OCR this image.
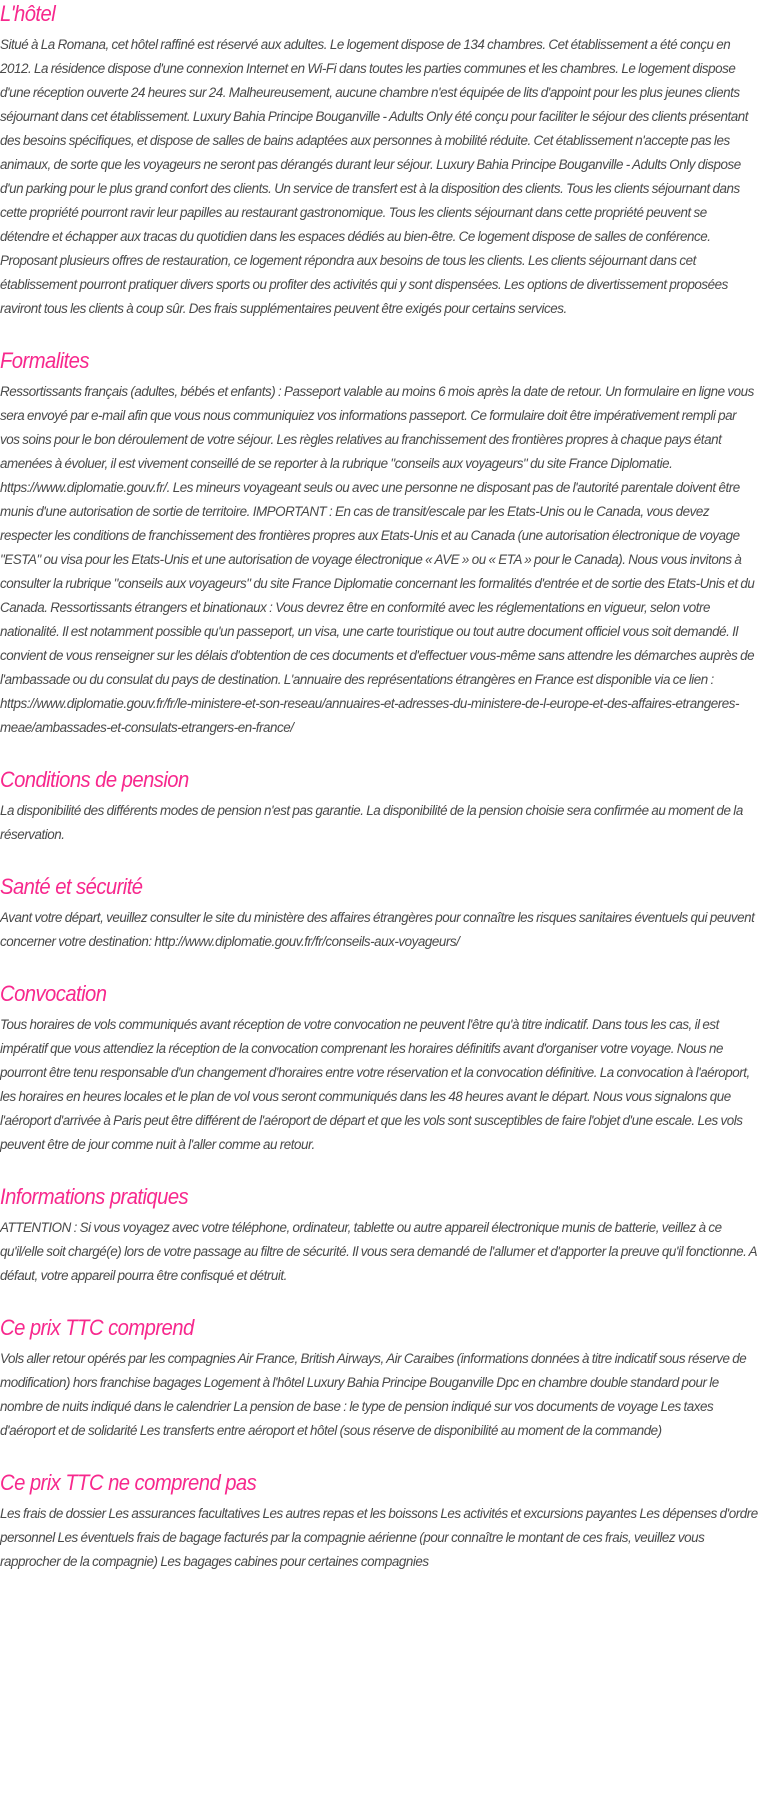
L'hôtel

Situé à La Romana, cet hôtel raffiné est réservé aux adultes. Le logement dispose de 134 chambres. Cet établissement a été conçu en 2012. La résidence dispose d'une connexion Internet en Wi-Fi dans toutes les parties communes et les chambres. Le logement dispose d'une réception ouverte 24 heures sur 24. Malheureusement, aucune chambre n'est équipée de lits d'appoint pour les plus jeunes clients séjournant dans cet établissement. Luxury Bahia Principe Bouganville - Adults Only été conçu pour faciliter le séjour des clients présentant des besoins spécifiques, et dispose de salles de bains adaptées aux personnes à mobilité réduite. Cet établissement n'accepte pas les animaux, de sorte que les voyageurs ne seront pas dérangés durant leur séjour. Luxury Bahia Principe Bouganville - Adults Only dispose d'un parking pour le plus grand confort des clients. Un service de transfert est à la disposition des clients. Tous les clients séjournant dans cette propriété pourront ravir leur papilles au restaurant gastronomique. Tous les clients séjournant dans cette propriété peuvent se détendre et échapper aux tracas du quotidien dans les espaces dédiés au bien-être. Ce logement dispose de salles de conférence. Proposant plusieurs offres de restauration, ce logement répondra aux besoins de tous les clients. Les clients séjournant dans cet établissement pourront pratiquer divers sports ou profiter des activités qui y sont dispensées. Les options de divertissement proposées raviront tous les clients à coup sûr. Des frais supplémentaires peuvent être exigés pour certains services.

Formalites

Ressortissants français (adultes, bébés et enfants) : Passeport valable au moins 6 mois après la date de retour. Un formulaire en ligne vous sera envoyé par e-mail afin que vous nous communiquiez vos informations passeport. Ce formulaire doit être impérativement rempli par vos soins pour le bon déroulement de votre séjour. Les règles relatives au franchissement des frontières propres à chaque pays étant amenées à évoluer, il est vivement conseillé de se reporter à la rubrique "conseils aux voyageurs" du site France Diplomatie. https://www.diplomatie.gouv.fr/. Les mineurs voyageant seuls ou avec une personne ne disposant pas de l'autorité parentale doivent être munis d'une autorisation de sortie de territoire. IMPORTANT : En cas de transit/escale par les Etats-Unis ou le Canada, vous devez respecter les conditions de franchissement des frontières propres aux Etats-Unis et au Canada (une autorisation électronique de voyage "ESTA" ou visa pour les Etats-Unis et une autorisation de voyage électronique « AVE » ou « ETA » pour le Canada). Nous vous invitons à consulter la rubrique "conseils aux voyageurs" du site France Diplomatie concernant les formalités d'entrée et de sortie des Etats-Unis et du Canada. Ressortissants étrangers et binationaux : Vous devrez être en conformité avec les réglementations en vigueur, selon votre nationalité. Il est notamment possible qu'un passeport, un visa, une carte touristique ou tout autre document officiel vous soit demandé. Il convient de vous renseigner sur les délais d'obtention de ces documents et d'effectuer vous-même sans attendre les démarches auprès de l'ambassade ou du consulat du pays de destination. L'annuaire des représentations étrangères en France est disponible via ce lien : https://www.diplomatie.gouv.fr/fr/le-ministere-et-son-reseau/annuaires-et-adresses-du-ministere-de-l-europe-et-des-affaires-etrangeres-meae/ambassades-et-consulats-etrangers-en-france/

Conditions de pension

La disponibilité des différents modes de pension n'est pas garantie. La disponibilité de la pension choisie sera confirmée au moment de la réservation.

Santé et sécurité

Avant votre départ, veuillez consulter le site du ministère des affaires étrangères pour connaître les risques sanitaires éventuels qui peuvent concerner votre destination: http://www.diplomatie.gouv.fr/fr/conseils-aux-voyageurs/

Convocation

Tous horaires de vols communiqués avant réception de votre convocation ne peuvent l'être qu'à titre indicatif. Dans tous les cas, il est impératif que vous attendiez la réception de la convocation comprenant les horaires définitifs avant d'organiser votre voyage. Nous ne pourront être tenu responsable d'un changement d'horaires entre votre réservation et la convocation définitive. La convocation à l'aéroport, les horaires en heures locales et le plan de vol vous seront communiqués dans les 48 heures avant le départ. Nous vous signalons que l'aéroport d'arrivée à Paris peut être différent de l'aéroport de départ et que les vols sont susceptibles de faire l'objet d'une escale. Les vols peuvent être de jour comme nuit à l'aller comme au retour.

Informations pratiques

ATTENTION : Si vous voyagez avec votre téléphone, ordinateur, tablette ou autre appareil électronique munis de batterie, veillez à ce qu'il/elle soit chargé(e) lors de votre passage au filtre de sécurité. Il vous sera demandé de l'allumer et d'apporter la preuve qu'il fonctionne. A défaut, votre appareil pourra être confisqué et détruit.

Ce prix TTC comprend

Vols aller retour opérés par les compagnies Air France, British Airways, Air Caraibes (informations données à titre indicatif sous réserve de modification) hors franchise bagages Logement à l'hôtel Luxury Bahia Principe Bouganville Dpc en chambre double standard pour le nombre de nuits indiqué dans le calendrier La pension de base : le type de pension indiqué sur vos documents de voyage Les taxes d'aéroport et de solidarité Les transferts entre aéroport et hôtel (sous réserve de disponibilité au moment de la commande)

Ce prix TTC ne comprend pas

Les frais de dossier Les assurances facultatives Les autres repas et les boissons Les activités et excursions payantes Les dépenses d'ordre personnel Les éventuels frais de bagage facturés par la compagnie aérienne (pour connaître le montant de ces frais, veuillez vous rapprocher de la compagnie) Les bagages cabines pour certaines compagnies
